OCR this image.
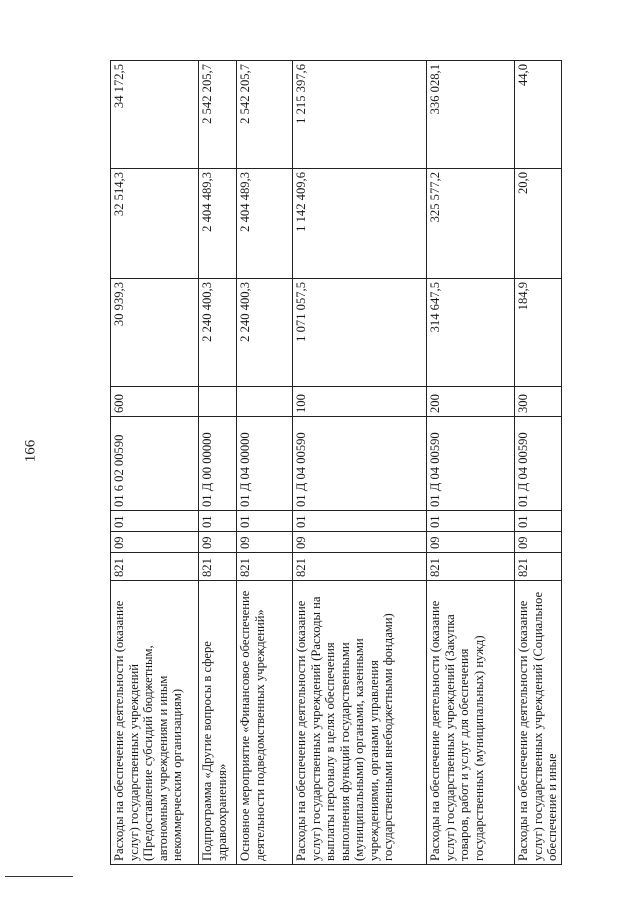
166
Расходы на обеспечение деятельности (оказание услуг) государственных учреждений (Предоставление субсидий бюджетным, автономным учреждениям и иным некоммерческим организациям)	821	09	01	01 6 02 00590	600	30 939,3	32 514,3	34 172,5
Подпрограмма «Другие вопросы в сфере здравоохранения»	821	09	01	01 Д 00 00000		2 240 400,3	2 404 489,3	2 542 205,7
Основное мероприятие «Финансовое обеспечение деятельности подведомственных учреждений»	821	09	01	01 Д 04 00000		2 240 400,3	2 404 489,3	2 542 205,7
Расходы на обеспечение деятельности (оказание услуг) государственных учреждений (Расходы на выплаты персоналу в целях обеспечения выполнения функций государственными (муниципальными) органами, казенными учреждениями, органами управления государственными внебюджетными фондами)	821	09	01	01 Д 04 00590	100	1 071 057,5	1 142 409,6	1 215 397,6
Расходы на обеспечение деятельности (оказание услуг) государственных учреждений (Закупка товаров, работ и услуг для обеспечения государственных (муниципальных) нужд)	821	09	01	01 Д 04 00590	200	314 647,5	325 577,2	336 028,1
Расходы на обеспечение деятельности (оказание услуг) государственных учреждений (Социальное обеспечение и иные	821	09	01	01 Д 04 00590	300	184,9	20,0	44,0
